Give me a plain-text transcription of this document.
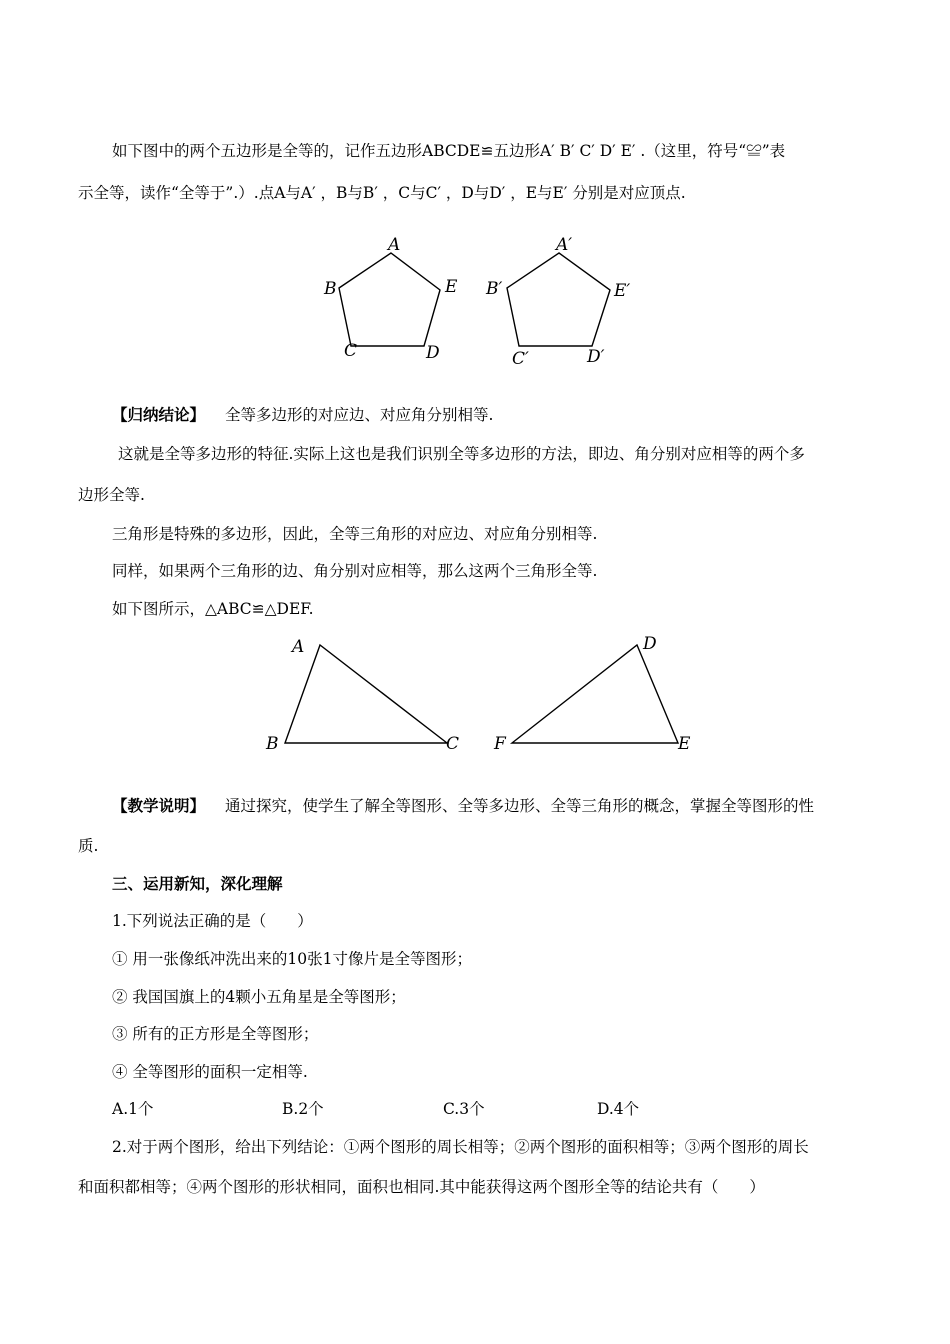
如下图中的两个五边形是全等的，记作五边形ABCDE≌五边形A′ B′ C′ D′ E′ .（这里，符号“≌”表
示全等，读作“全等于”.）.点A与A′ ，B与B′ ，C与C′ ，D与D′ ，E与E′ 分别是对应顶点.
A
B
C	D
E
A′
B′
C′	D′
E′
【归纳结论】 全等多边形的对应边、对应角分别相等.
这就是全等多边形的特征.实际上这也是我们识别全等多边形的方法，即边、角分别对应相等的两个多
边形全等.
三角形是特殊的多边形，因此，全等三角形的对应边、对应角分别相等.
同样，如果两个三角形的边、角分别对应相等，那么这两个三角形全等.
如下图所示，△ABC≌△DEF.
A
B	C
D
E
F
【教学说明】 通过探究，使学生了解全等图形、全等多边形、全等三角形的概念，掌握全等图形的性
质.
三、运用新知，深化理解
1.下列说法正确的是（　　）
① 用一张像纸冲洗出来的10张1寸像片是全等图形；
② 我国国旗上的4颗小五角星是全等图形；
③ 所有的正方形是全等图形；
④ 全等图形的面积一定相等.
A.1个	B.2个	C.3个	D.4个
2.对于两个图形，给出下列结论：①两个图形的周长相等；②两个图形的面积相等；③两个图形的周长
和面积都相等；④两个图形的形状相同，面积也相同.其中能获得这两个图形全等的结论共有（　　）
